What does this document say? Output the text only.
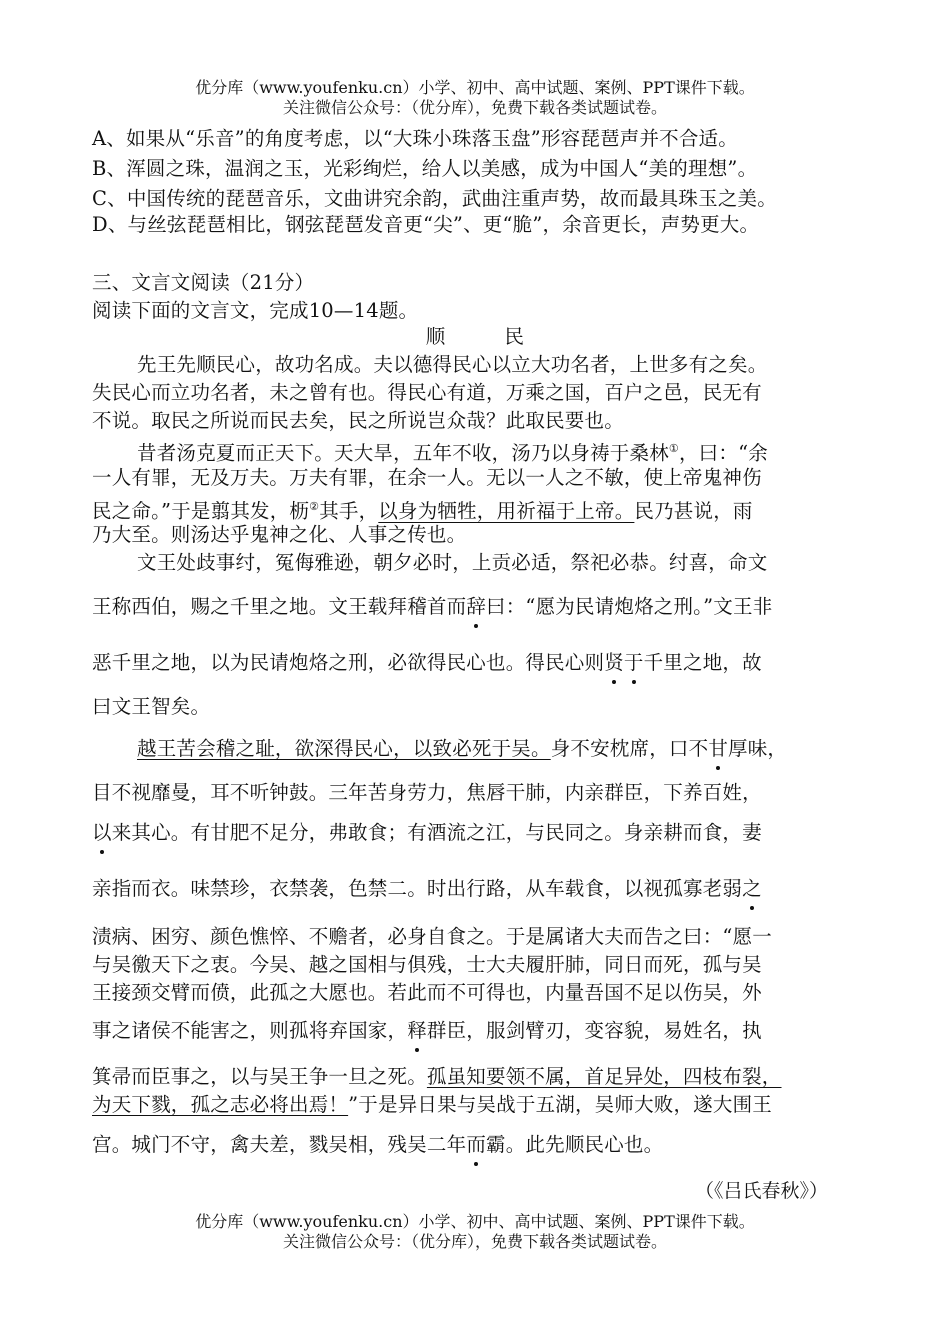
优分库（www.youfenku.cn）小学、初中、高中试题、案例、PPT课件下载。
关注微信公众号：（优分库），免费下载各类试题试卷。
A、如果从“乐音”的角度考虑，以“大珠小珠落玉盘”形容琵琶声并不合适。
B、浑圆之珠，温润之玉，光彩绚烂，给人以美感，成为中国人“美的理想”。
C、中国传统的琵琶音乐，文曲讲究余韵，武曲注重声势，故而最具珠玉之美。
D、与丝弦琵琶相比，钢弦琵琶发音更“尖”、更“脆”，余音更长，声势更大。
三、文言文阅读（21分）
阅读下面的文言文，完成10—14题。
顺　　　民
先王先顺民心，故功名成。夫以德得民心以立大功名者，上世多有之矣。
失民心而立功名者，未之曾有也。得民心有道，万乘之国，百户之邑，民无有
不说。取民之所说而民去矣，民之所说岂众哉？此取民要也。
昔者汤克夏而正天下。天大旱，五年不收，汤乃以身祷于桑林①，曰：“余
一人有罪，无及万夫。万夫有罪，在余一人。无以一人之不敏，使上帝鬼神伤
民之命。”于是翦其发，枥②其手，以身为牺牲，用祈福于上帝。民乃甚说，雨
乃大至。则汤达乎鬼神之化、人事之传也。
文王处歧事纣，冤侮雅逊，朝夕必时，上贡必适，祭祀必恭。纣喜，命文
王称西伯，赐之千里之地。文王载拜稽首而辞曰：“愿为民请炮烙之刑。”文王非
恶千里之地，以为民请炮烙之刑，必欲得民心也。得民心则贤于千里之地，故
曰文王智矣。
越王苦会稽之耻，欲深得民心，以致必死于吴。身不安枕席，口不甘厚味，
目不视靡曼，耳不听钟鼓。三年苦身劳力，焦唇干肺，内亲群臣，下养百姓，
以来其心。有甘肥不足分，弗敢食；有酒流之江，与民同之。身亲耕而食，妻
亲指而衣。味禁珍，衣禁袭，色禁二。时出行路，从车载食，以视孤寡老弱之
渍病、困穷、颜色憔悴、不赡者，必身自食之。于是属诸大夫而告之曰：“愿一
与吴徼天下之衷。今吴、越之国相与俱残，士大夫履肝肺，同日而死，孤与吴
王接颈交臂而偾，此孤之大愿也。若此而不可得也，内量吾国不足以伤吴，外
事之诸侯不能害之，则孤将弃国家，释群臣，服剑臂刃，变容貌，易姓名，执
箕帚而臣事之，以与吴王争一旦之死。孤虽知要领不属，首足异处，四枝布裂，
为天下戮，孤之志必将出焉！”于是异日果与吴战于五湖，吴师大败，遂大围王
宫。城门不守，禽夫差，戮吴相，残吴二年而霸。此先顺民心也。
（《吕氏春秋》）
优分库（www.youfenku.cn）小学、初中、高中试题、案例、PPT课件下载。
关注微信公众号：（优分库），免费下载各类试题试卷。
